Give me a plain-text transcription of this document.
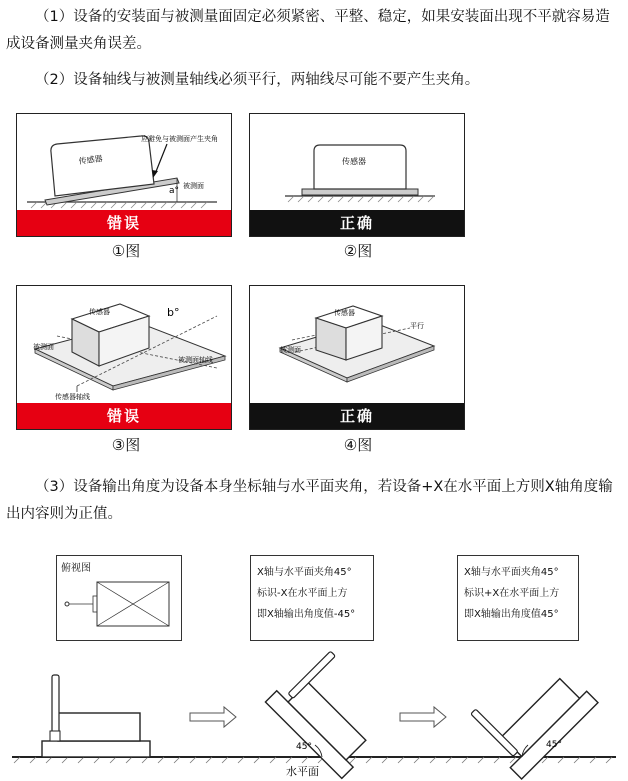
（1）设备的安装面与被测量面固定必须紧密、平整、稳定，如果安装面出现不平就容易造成设备测量夹角误差。
（2）设备轴线与被测量轴线必须平行，两轴线尽可能不要产生夹角。
传感器
a° 被测面
应避免与被测面产生夹角
错误
①图
传感器
正确
②图
传感器	b°
被测面
被测面轴线
传感器轴线
错误
③图
传感器
被测面
平行
正确
④图
（3）设备输出角度为设备本身坐标轴与水平面夹角，若设备+X在水平面上方则X轴角度输出内容则为正值。
俯视图	X轴与水平面夹角45°
标识-X在水平面上方
即X轴输出角度值-45°
X轴与水平面夹角45°
标识+X在水平面上方
即X轴输出角度值45°
45°	45°
水平面
